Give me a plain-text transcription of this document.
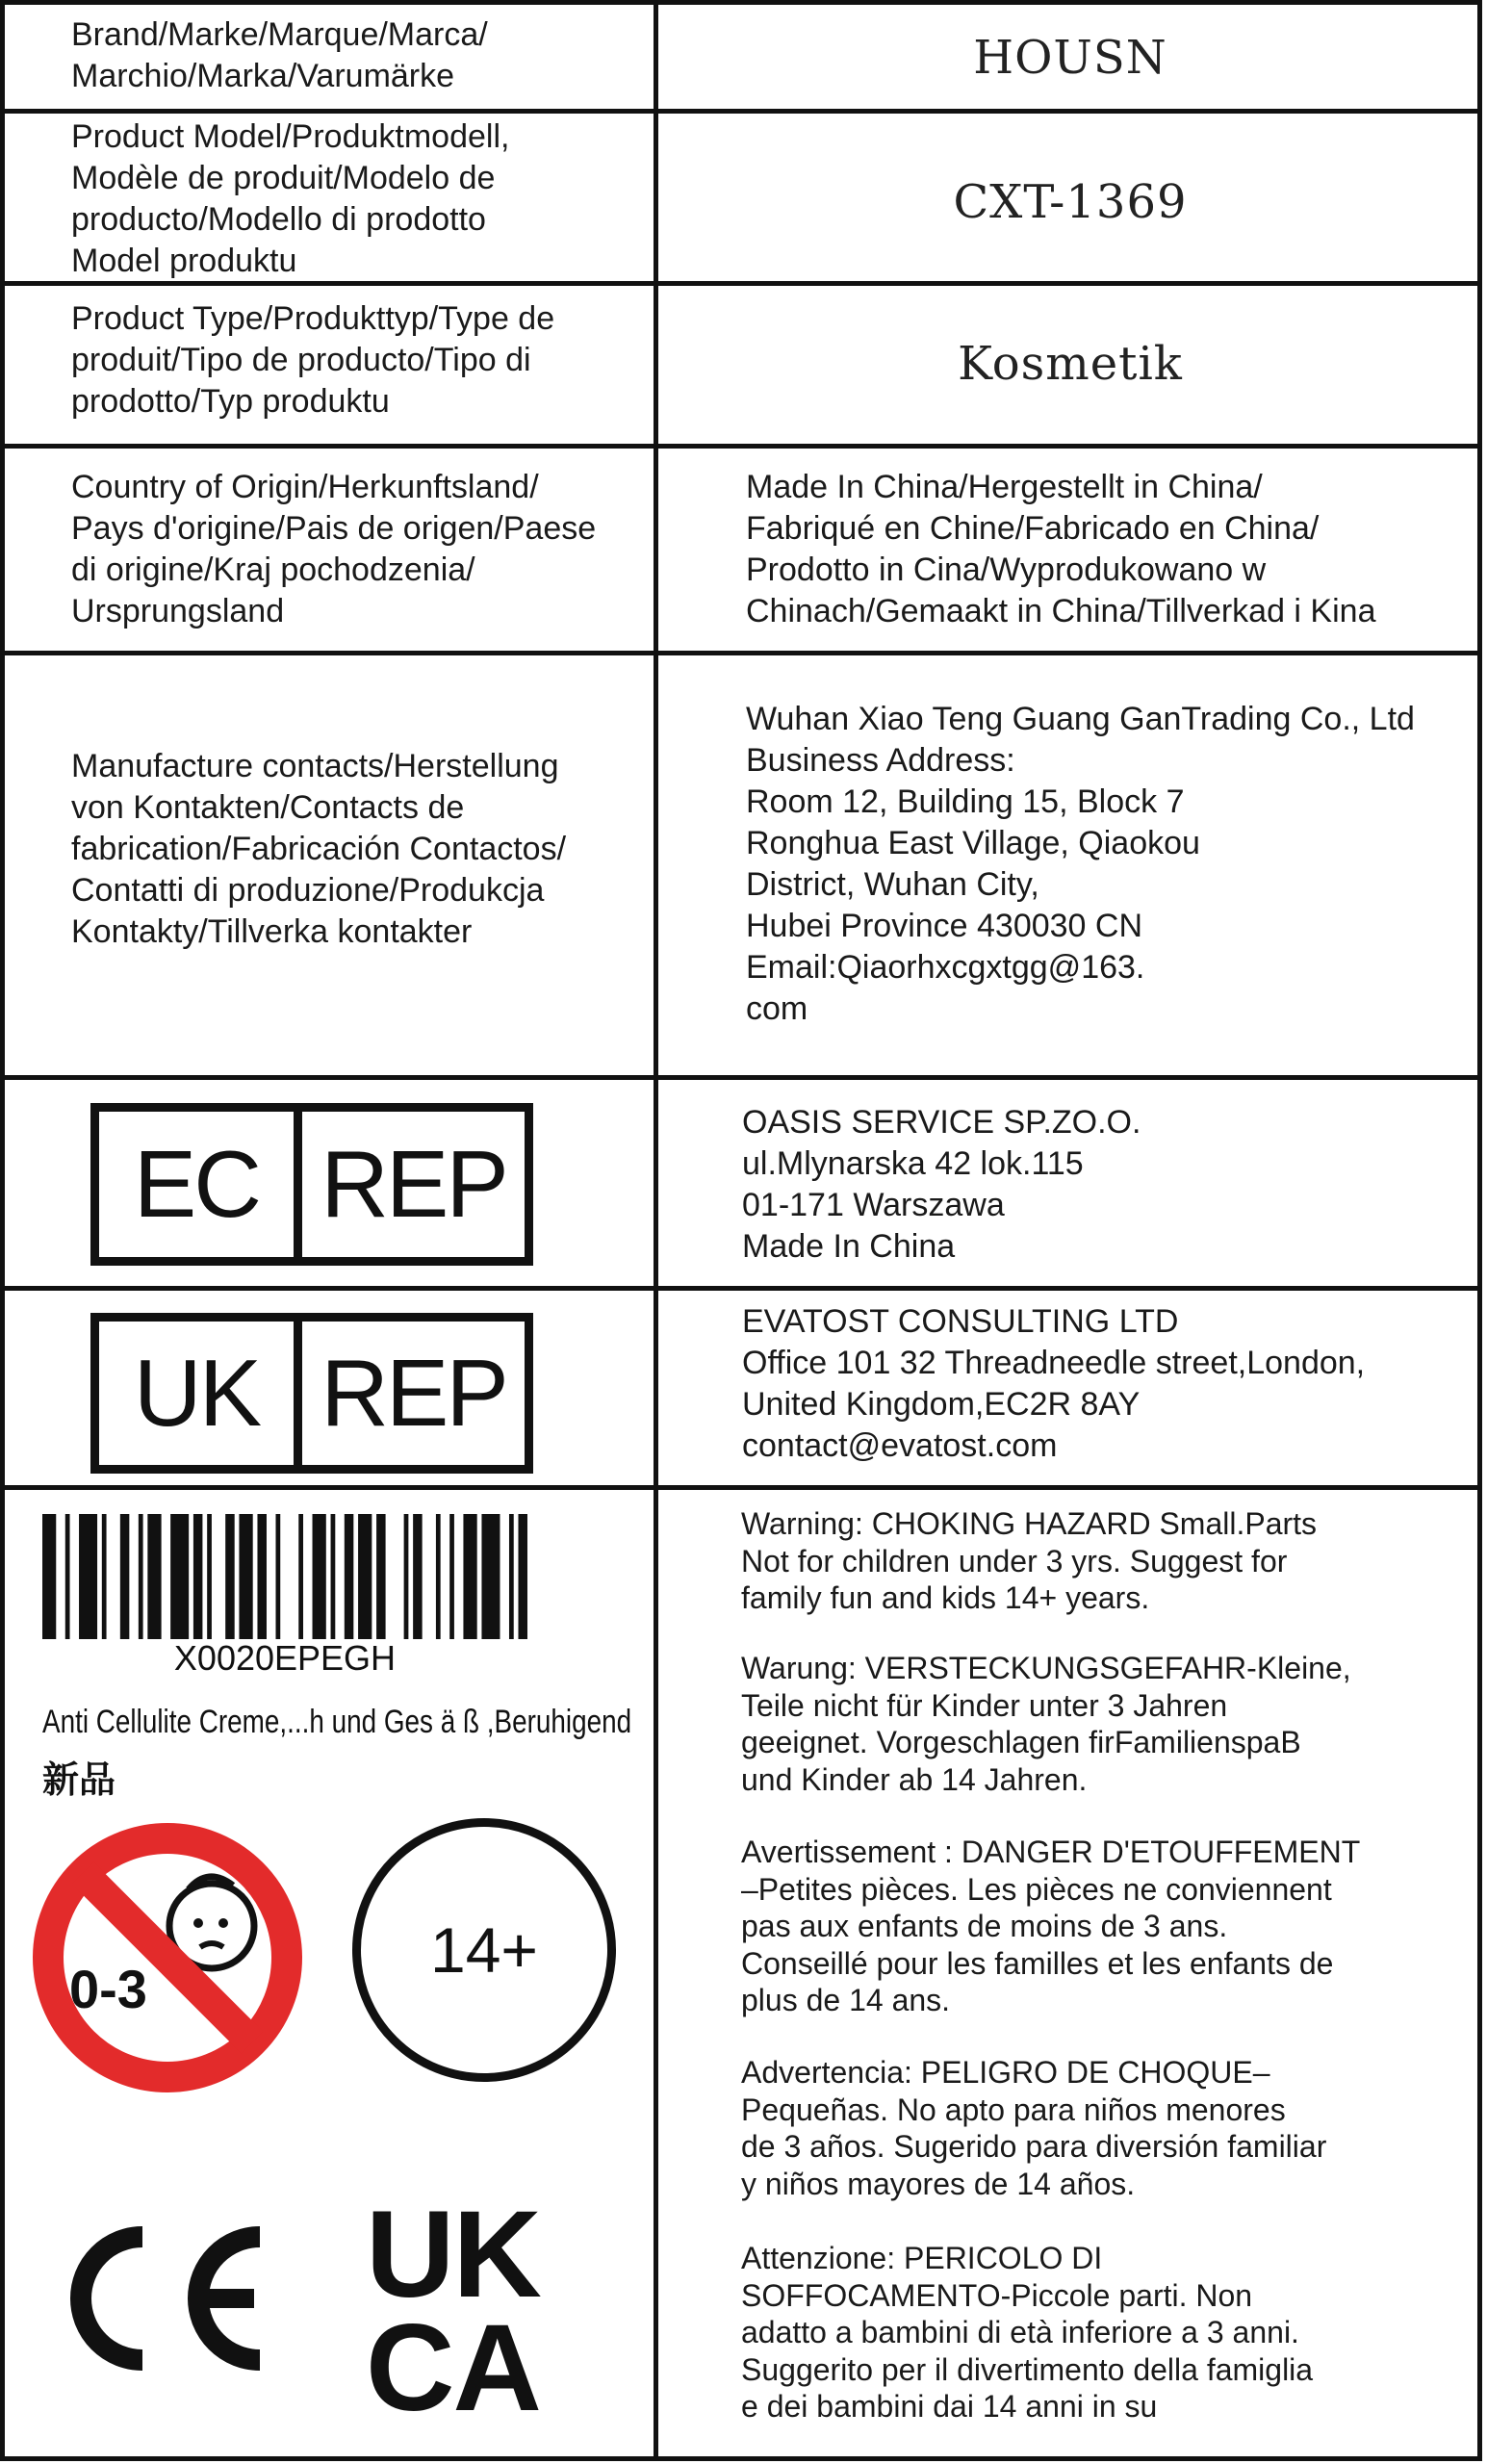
Brand/Marke/Marque/Marca/
Marchio/Marka/Varumärke	HOUSN
Product Model/Produktmodell,
Modèle de produit/Modelo de
producto/Modello di prodotto
Model produktu
CXT-1369
Product Type/Produkttyp/Type de
produit/Tipo de producto/Tipo di
prodotto/Typ produktu
Kosmetik
Country of Origin/Herkunftsland/
Pays d'origine/Pais de origen/Paese
di origine/Kraj pochodzenia/
Ursprungsland
Made In China/Hergestellt in China/
Fabriqué en Chine/Fabricado en China/
Prodotto in Cina/Wyprodukowano w
Chinach/Gemaakt in China/Tillverkad i Kina
Manufacture contacts/Herstellung
von Kontakten/Contacts de
fabrication/Fabricación Contactos/
Contatti di produzione/Produkcja
Kontakty/Tillverka kontakter
Wuhan Xiao Teng Guang GanTrading Co., Ltd
Business Address:
Room 12, Building 15, Block 7
Ronghua East Village, Qiaokou
District, Wuhan City,
Hubei Province 430030 CN
Email:Qiaorhxcgxtgg@163.
com
EC REP
OASIS SERVICE SP.ZO.O.
ul.Mlynarska 42 lok.115
01-171 Warszawa
Made In China
UK REP
EVATOST CONSULTING LTD
Office 101 32 Threadneedle street,London,
United Kingdom,EC2R 8AY
contact@evatost.com
X0020EPEGH
Anti Cellulite Creme,...h und Ges ä ß ,Beruhigend
新品
0-3
14+
UK
CA
Warning: CHOKING HAZARD Small.Parts
Not for children under 3 yrs. Suggest for
family fun and kids 14+ years.
Warung: VERSTECKUNGSGEFAHR-Kleine,
Teile nicht für Kinder unter 3 Jahren
geeignet. Vorgeschlagen firFamilienspaB
und Kinder ab 14 Jahren.
Avertissement : DANGER D'ETOUFFEMENT
–Petites pièces. Les pièces ne conviennent
pas aux enfants de moins de 3 ans.
Conseillé pour les familles et les enfants de
plus de 14 ans.
Advertencia: PELIGRO DE CHOQUE–
Pequeñas. No apto para niños menores
de 3 años. Sugerido para diversión familiar
y niños mayores de 14 años.
Attenzione: PERICOLO DI
SOFFOCAMENTO-Piccole parti. Non
adatto a bambini di età inferiore a 3 anni.
Suggerito per il divertimento della famiglia
e dei bambini dai 14 anni in su
